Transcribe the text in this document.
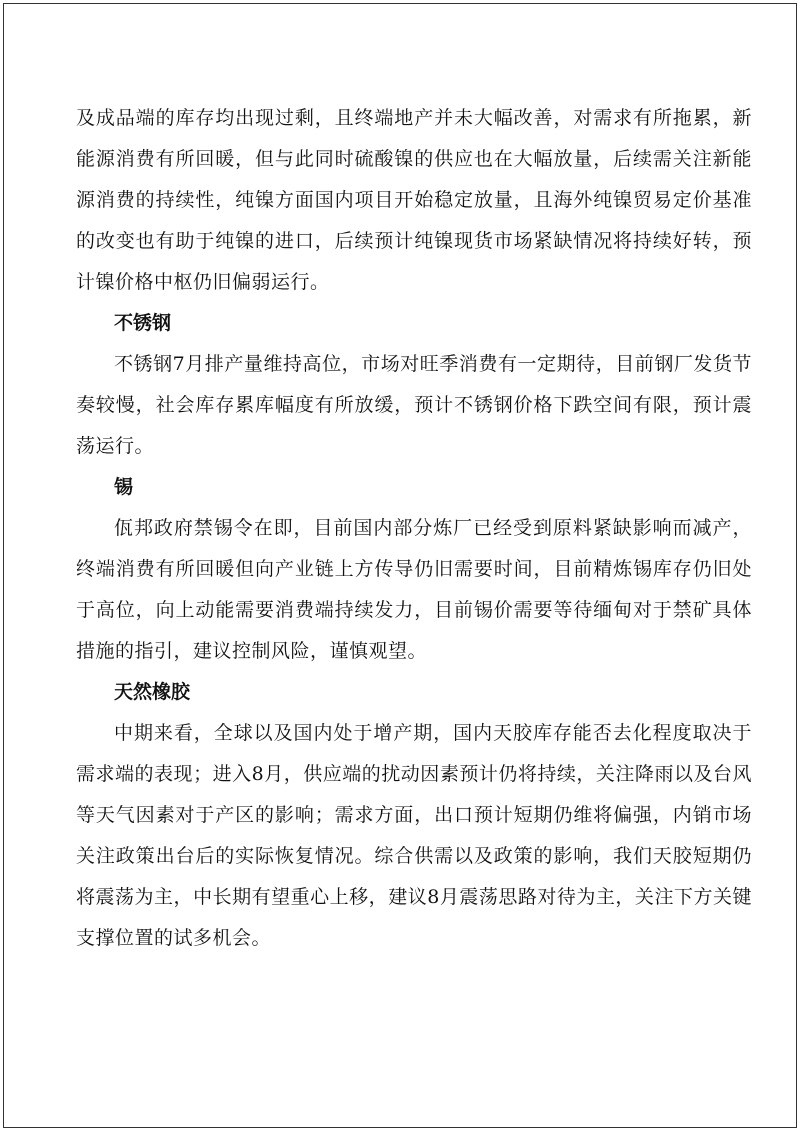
及成品端的库存均出现过剩，且终端地产并未大幅改善，对需求有所拖累，新能源消费有所回暖，但与此同时硫酸镍的供应也在大幅放量，后续需关注新能源消费的持续性，纯镍方面国内项目开始稳定放量，且海外纯镍贸易定价基准的改变也有助于纯镍的进口，后续预计纯镍现货市场紧缺情况将持续好转，预计镍价格中枢仍旧偏弱运行。

不锈钢

不锈钢7月排产量维持高位，市场对旺季消费有一定期待，目前钢厂发货节奏较慢，社会库存累库幅度有所放缓，预计不锈钢价格下跌空间有限，预计震荡运行。

锡

佤邦政府禁锡令在即，目前国内部分炼厂已经受到原料紧缺影响而减产，终端消费有所回暖但向产业链上方传导仍旧需要时间，目前精炼锡库存仍旧处于高位，向上动能需要消费端持续发力，目前锡价需要等待缅甸对于禁矿具体措施的指引，建议控制风险，谨慎观望。

天然橡胶

中期来看，全球以及国内处于增产期，国内天胶库存能否去化程度取决于需求端的表现；进入8月，供应端的扰动因素预计仍将持续，关注降雨以及台风等天气因素对于产区的影响；需求方面，出口预计短期仍维将偏强，内销市场关注政策出台后的实际恢复情况。综合供需以及政策的影响，我们天胶短期仍将震荡为主，中长期有望重心上移，建议8月震荡思路对待为主，关注下方关键支撑位置的试多机会。
